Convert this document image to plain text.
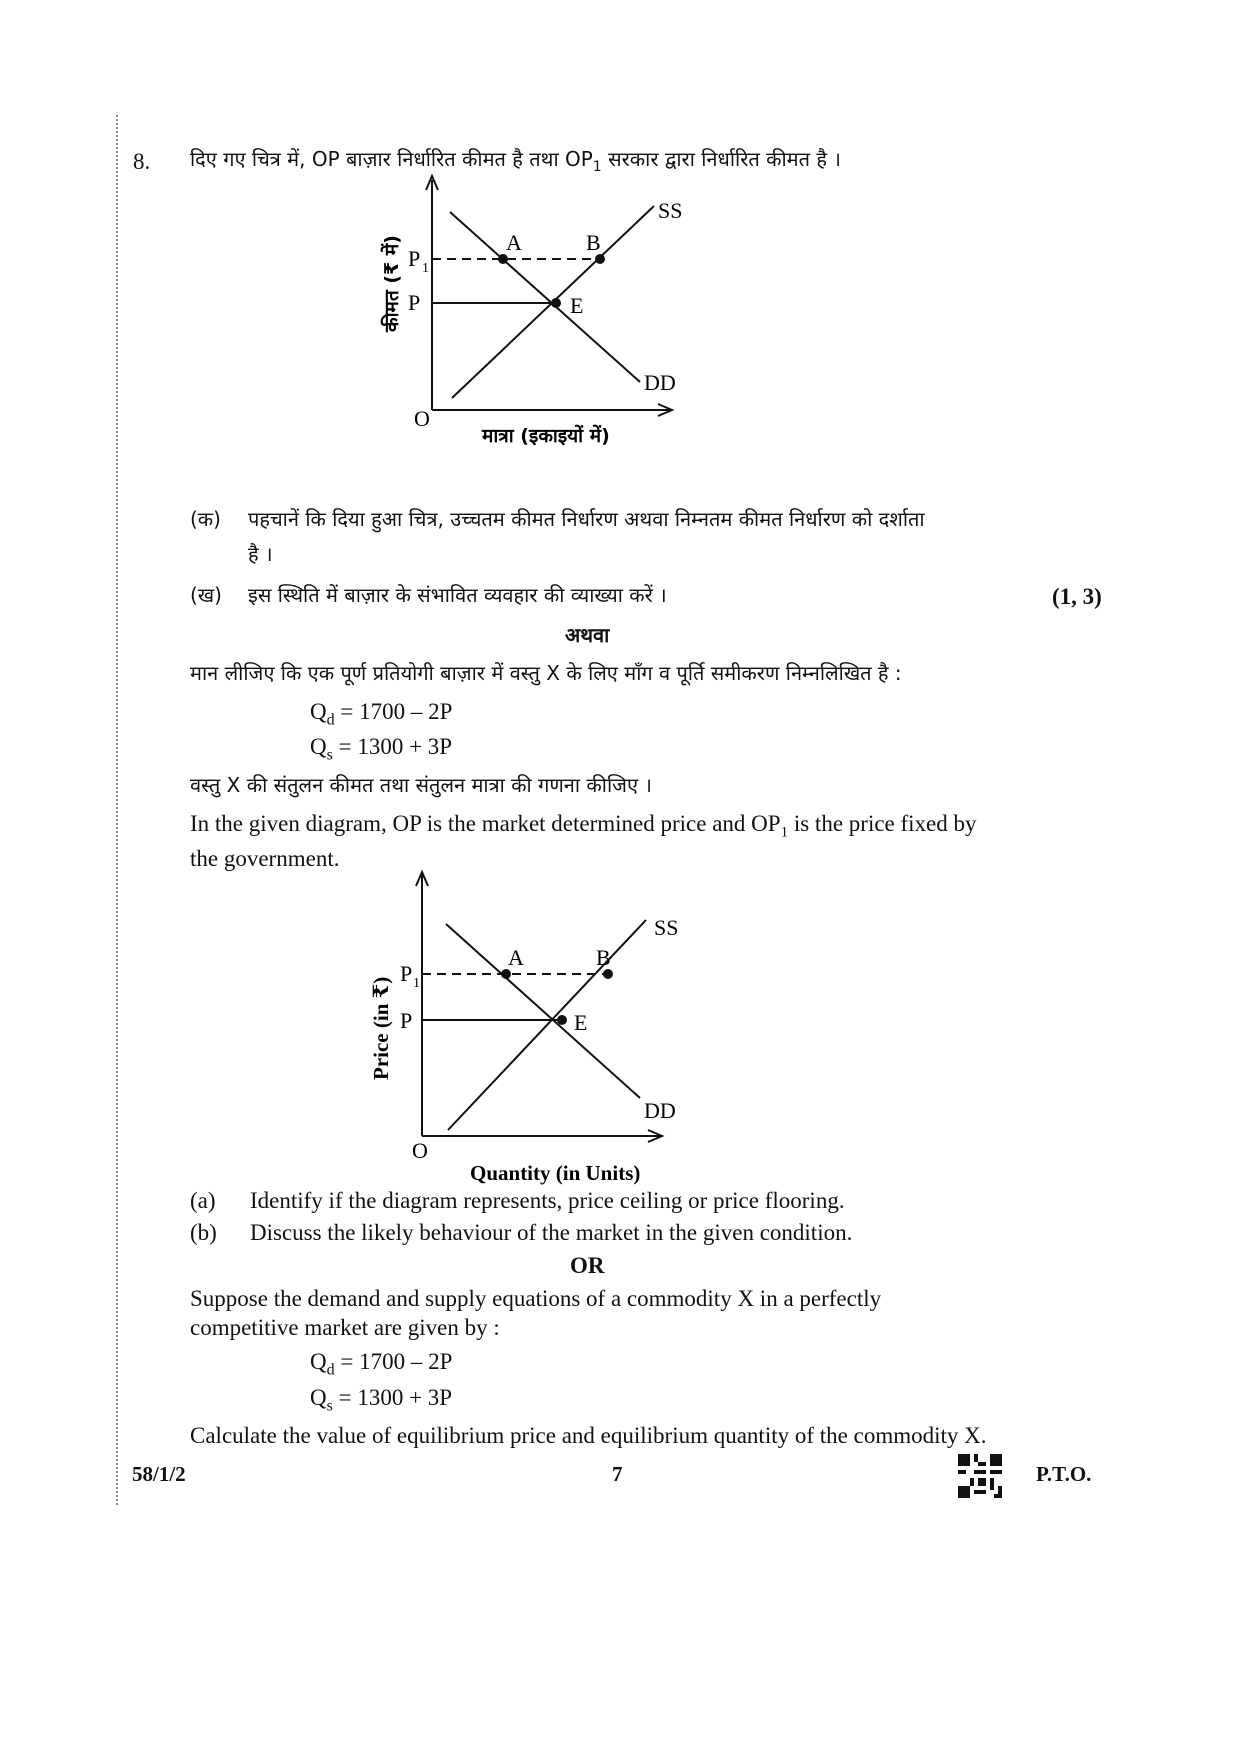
8. दिए गए चित्र में, OP बाज़ार निर्धारित कीमत है तथा $OP_1$ सरकार द्वारा निर्धारित कीमत है ।
A	B
E
P 1
P
O
SS
DD
कीमत (₹ में)
मात्रा (इकाइयों में)
(क) पहचानें कि दिया हुआ चित्र, उच्चतम कीमत निर्धारण अथवा निम्नतम कीमत निर्धारण को दर्शाता
है ।
(ख) इस स्थिति में बाज़ार के संभावित व्यवहार की व्याख्या करें ।	(1, 3)
अथवा
मान लीजिए कि एक पूर्ण प्रतियोगी बाज़ार में वस्तु X के लिए माँग व पूर्ति समीकरण निम्नलिखित है :
$Q_d = 1700 - 2P$
$Q_s = 1300 + 3P$
वस्तु X की संतुलन कीमत तथा संतुलन मात्रा की गणना कीजिए ।
In the given diagram, OP is the market determined price and $OP_1$ is the price fixed by
the government.
A	B
E
P 1
P
O
SS
DD
Price (in ₹)
Quantity (in Units)
(a) Identify if the diagram represents, price ceiling or price flooring.
(b) Discuss the likely behaviour of the market in the given condition.
OR
Suppose the demand and supply equations of a commodity X in a perfectly
competitive market are given by :
$Q_d = 1700 - 2P$
$Q_s = 1300 + 3P$
Calculate the value of equilibrium price and equilibrium quantity of the commodity X.
58/1/2	7	P.T.O.
